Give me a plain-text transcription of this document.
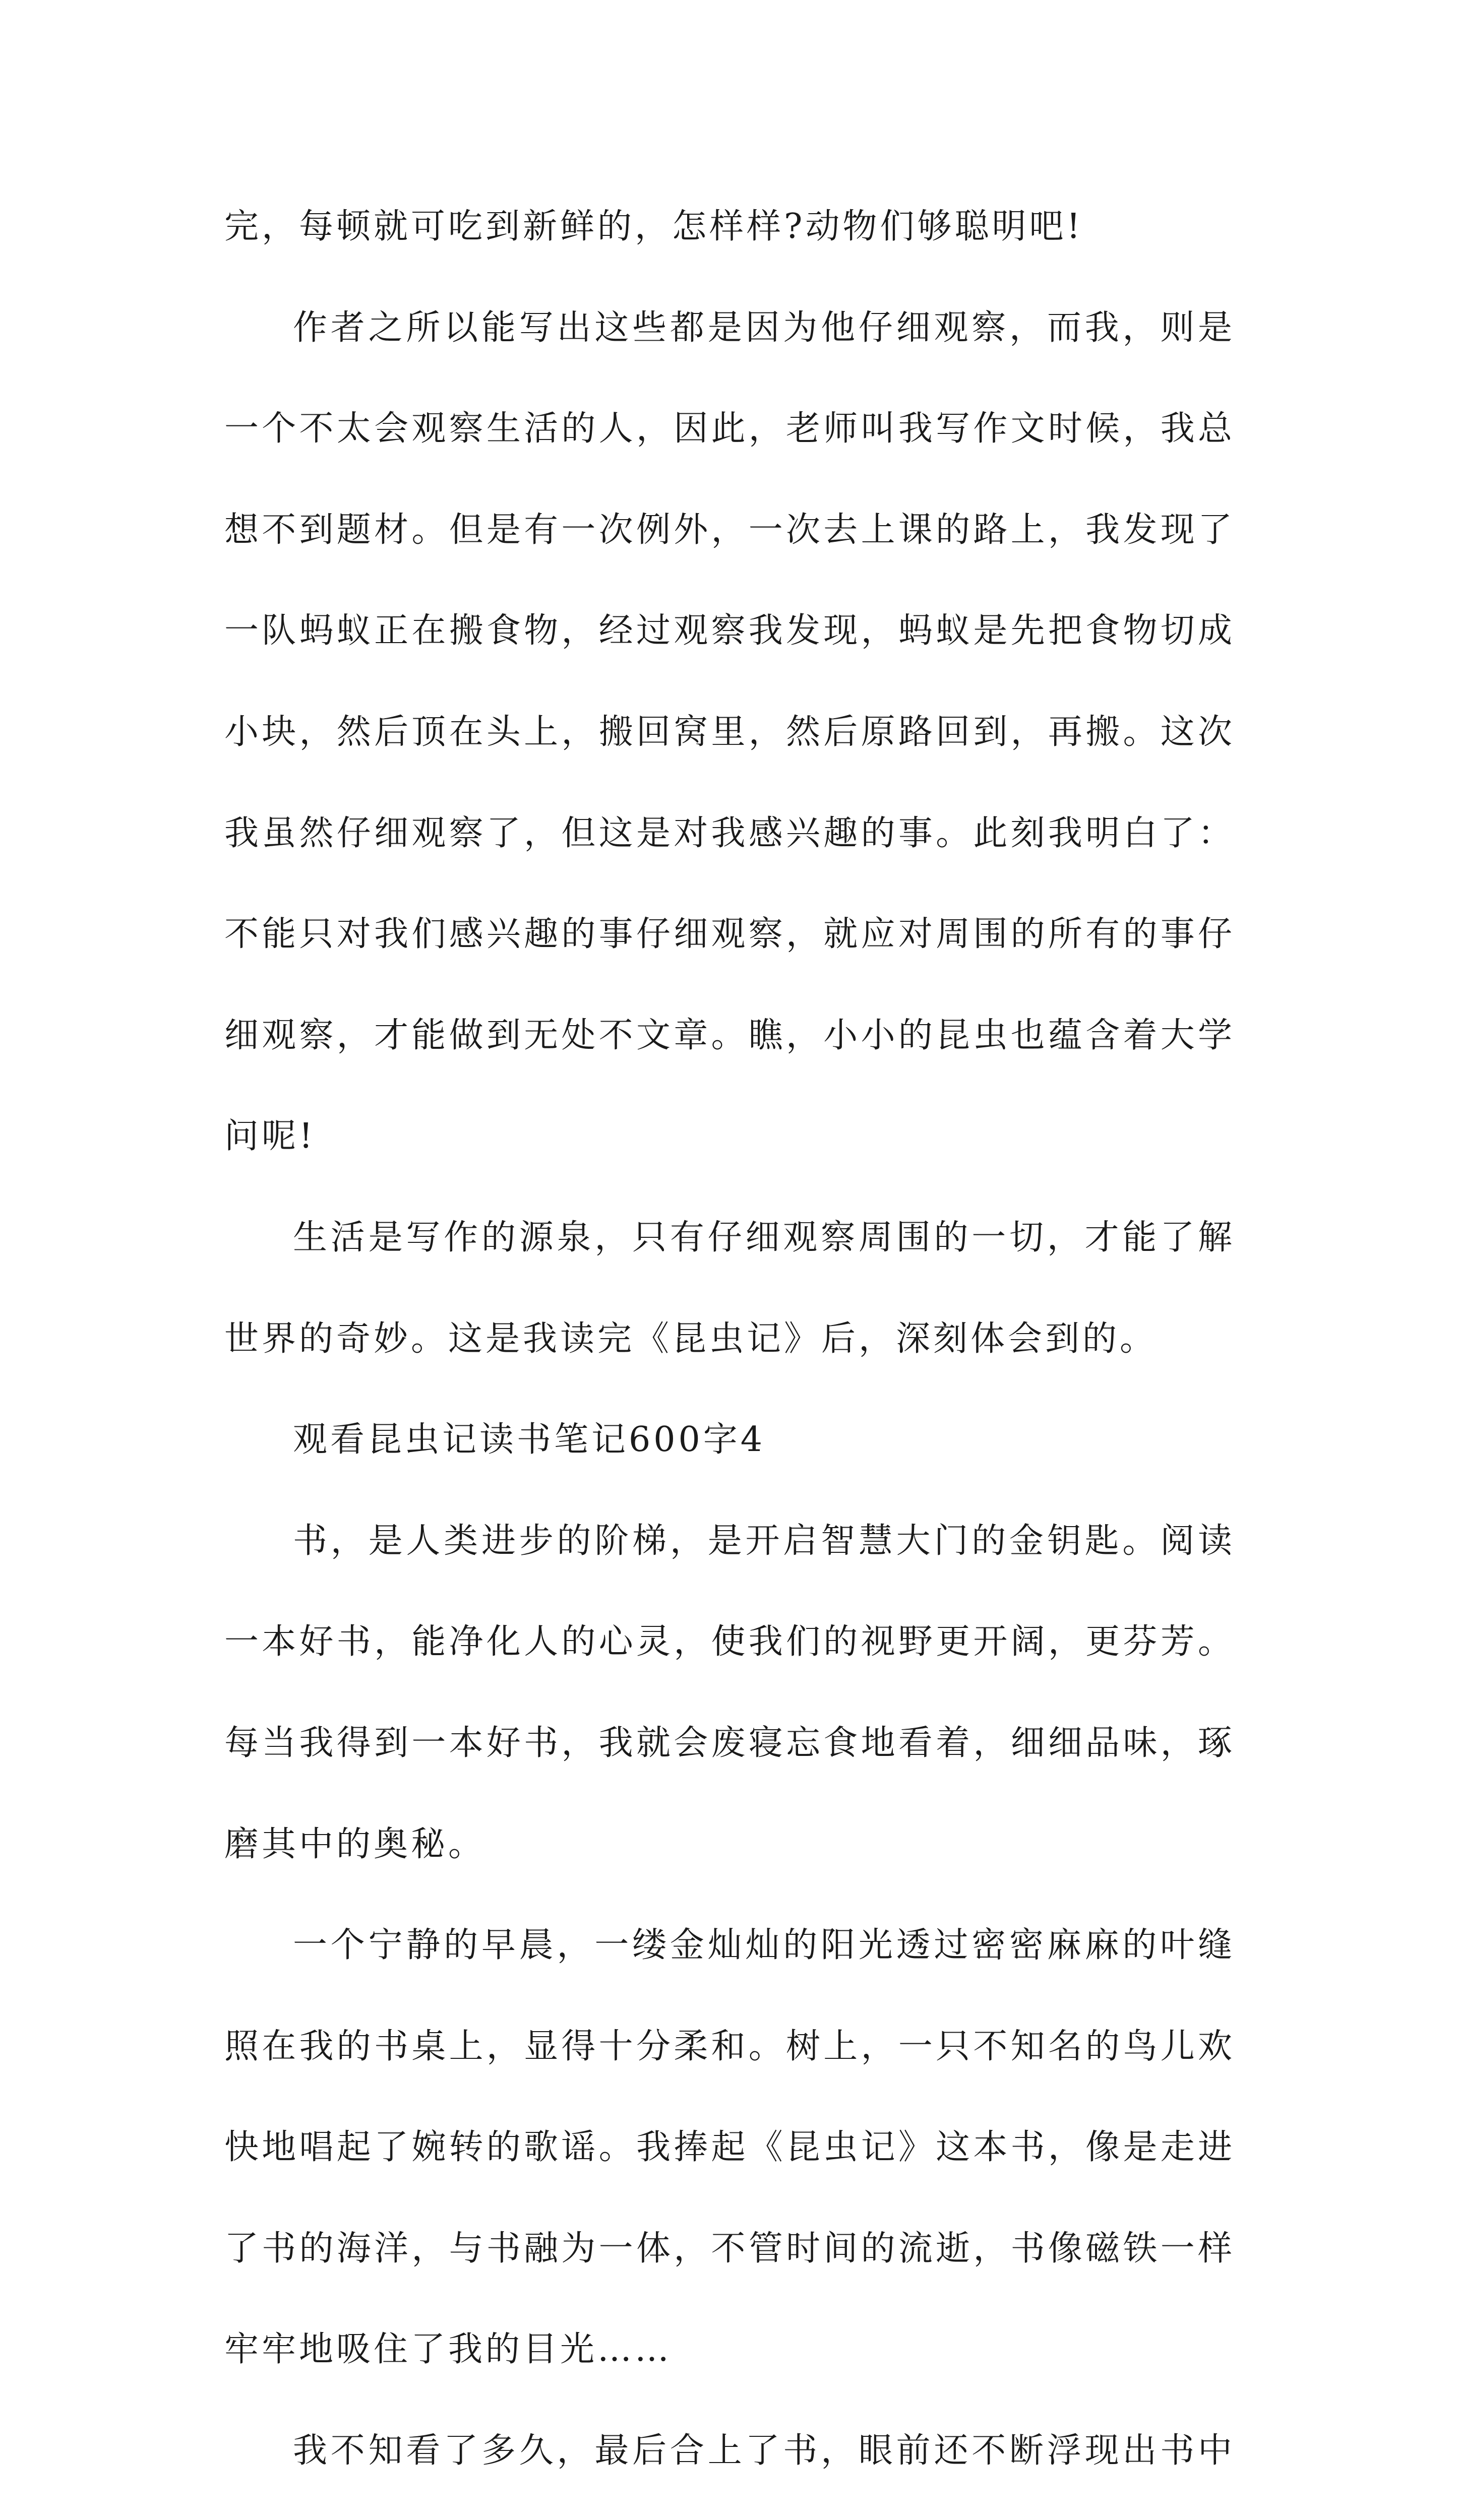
完，每顿就可吃到新鲜的，怎样样?动物们够聪明吧!

作者之所以能写出这些都是因为他仔细观察，而我，则是一个不太会观察生活的人，因此，老师叫我写作文时候，我总想不到题材。但是有一次例外，一次去上课的路上，我发现了一队蚂蚁正在搬食物，经过观察我发现，蚂蚁是先把食物切成小块，然后顶在头上，搬回窝里，然后原路回到，再搬。这次我虽然仔细观察了，但这是对我感兴趣的事。此刻我明白了：不能只对我们感兴趣的事仔细观察，就应对周围的所有的事仔细观察，才能做到无处不文章。瞧，小小的昆虫也蕴含着大学问呢!

生活是写作的源泉，只有仔细观察周围的一切，才能了解世界的奇妙。这是我读完《昆虫记》后，深刻体会到的。

观看昆虫记读书笔记600字4

书，是人类进步的阶梯，是开启智慧大门的金钥匙。阅读一本好书，能净化人的心灵，使我们的视野更开阔，更芬芳。每当我得到一本好书，我就会废寝忘食地看着，细细品味，琢磨其中的奥秘。

一个宁静的早晨，一缕金灿灿的阳光透过密密麻麻的叶缝照在我的书桌上，显得十分柔和。树上，一只不知名的鸟儿欢快地唱起了婉转的歌谣。我捧起《昆虫记》这本书，像是走进了书的海洋，与书融为一体，不管时间的流逝，书像磁铁一样牢牢地吸住了我的目光……

我不知看了多久，最后合上了书，眼前还不断浮现出书中
